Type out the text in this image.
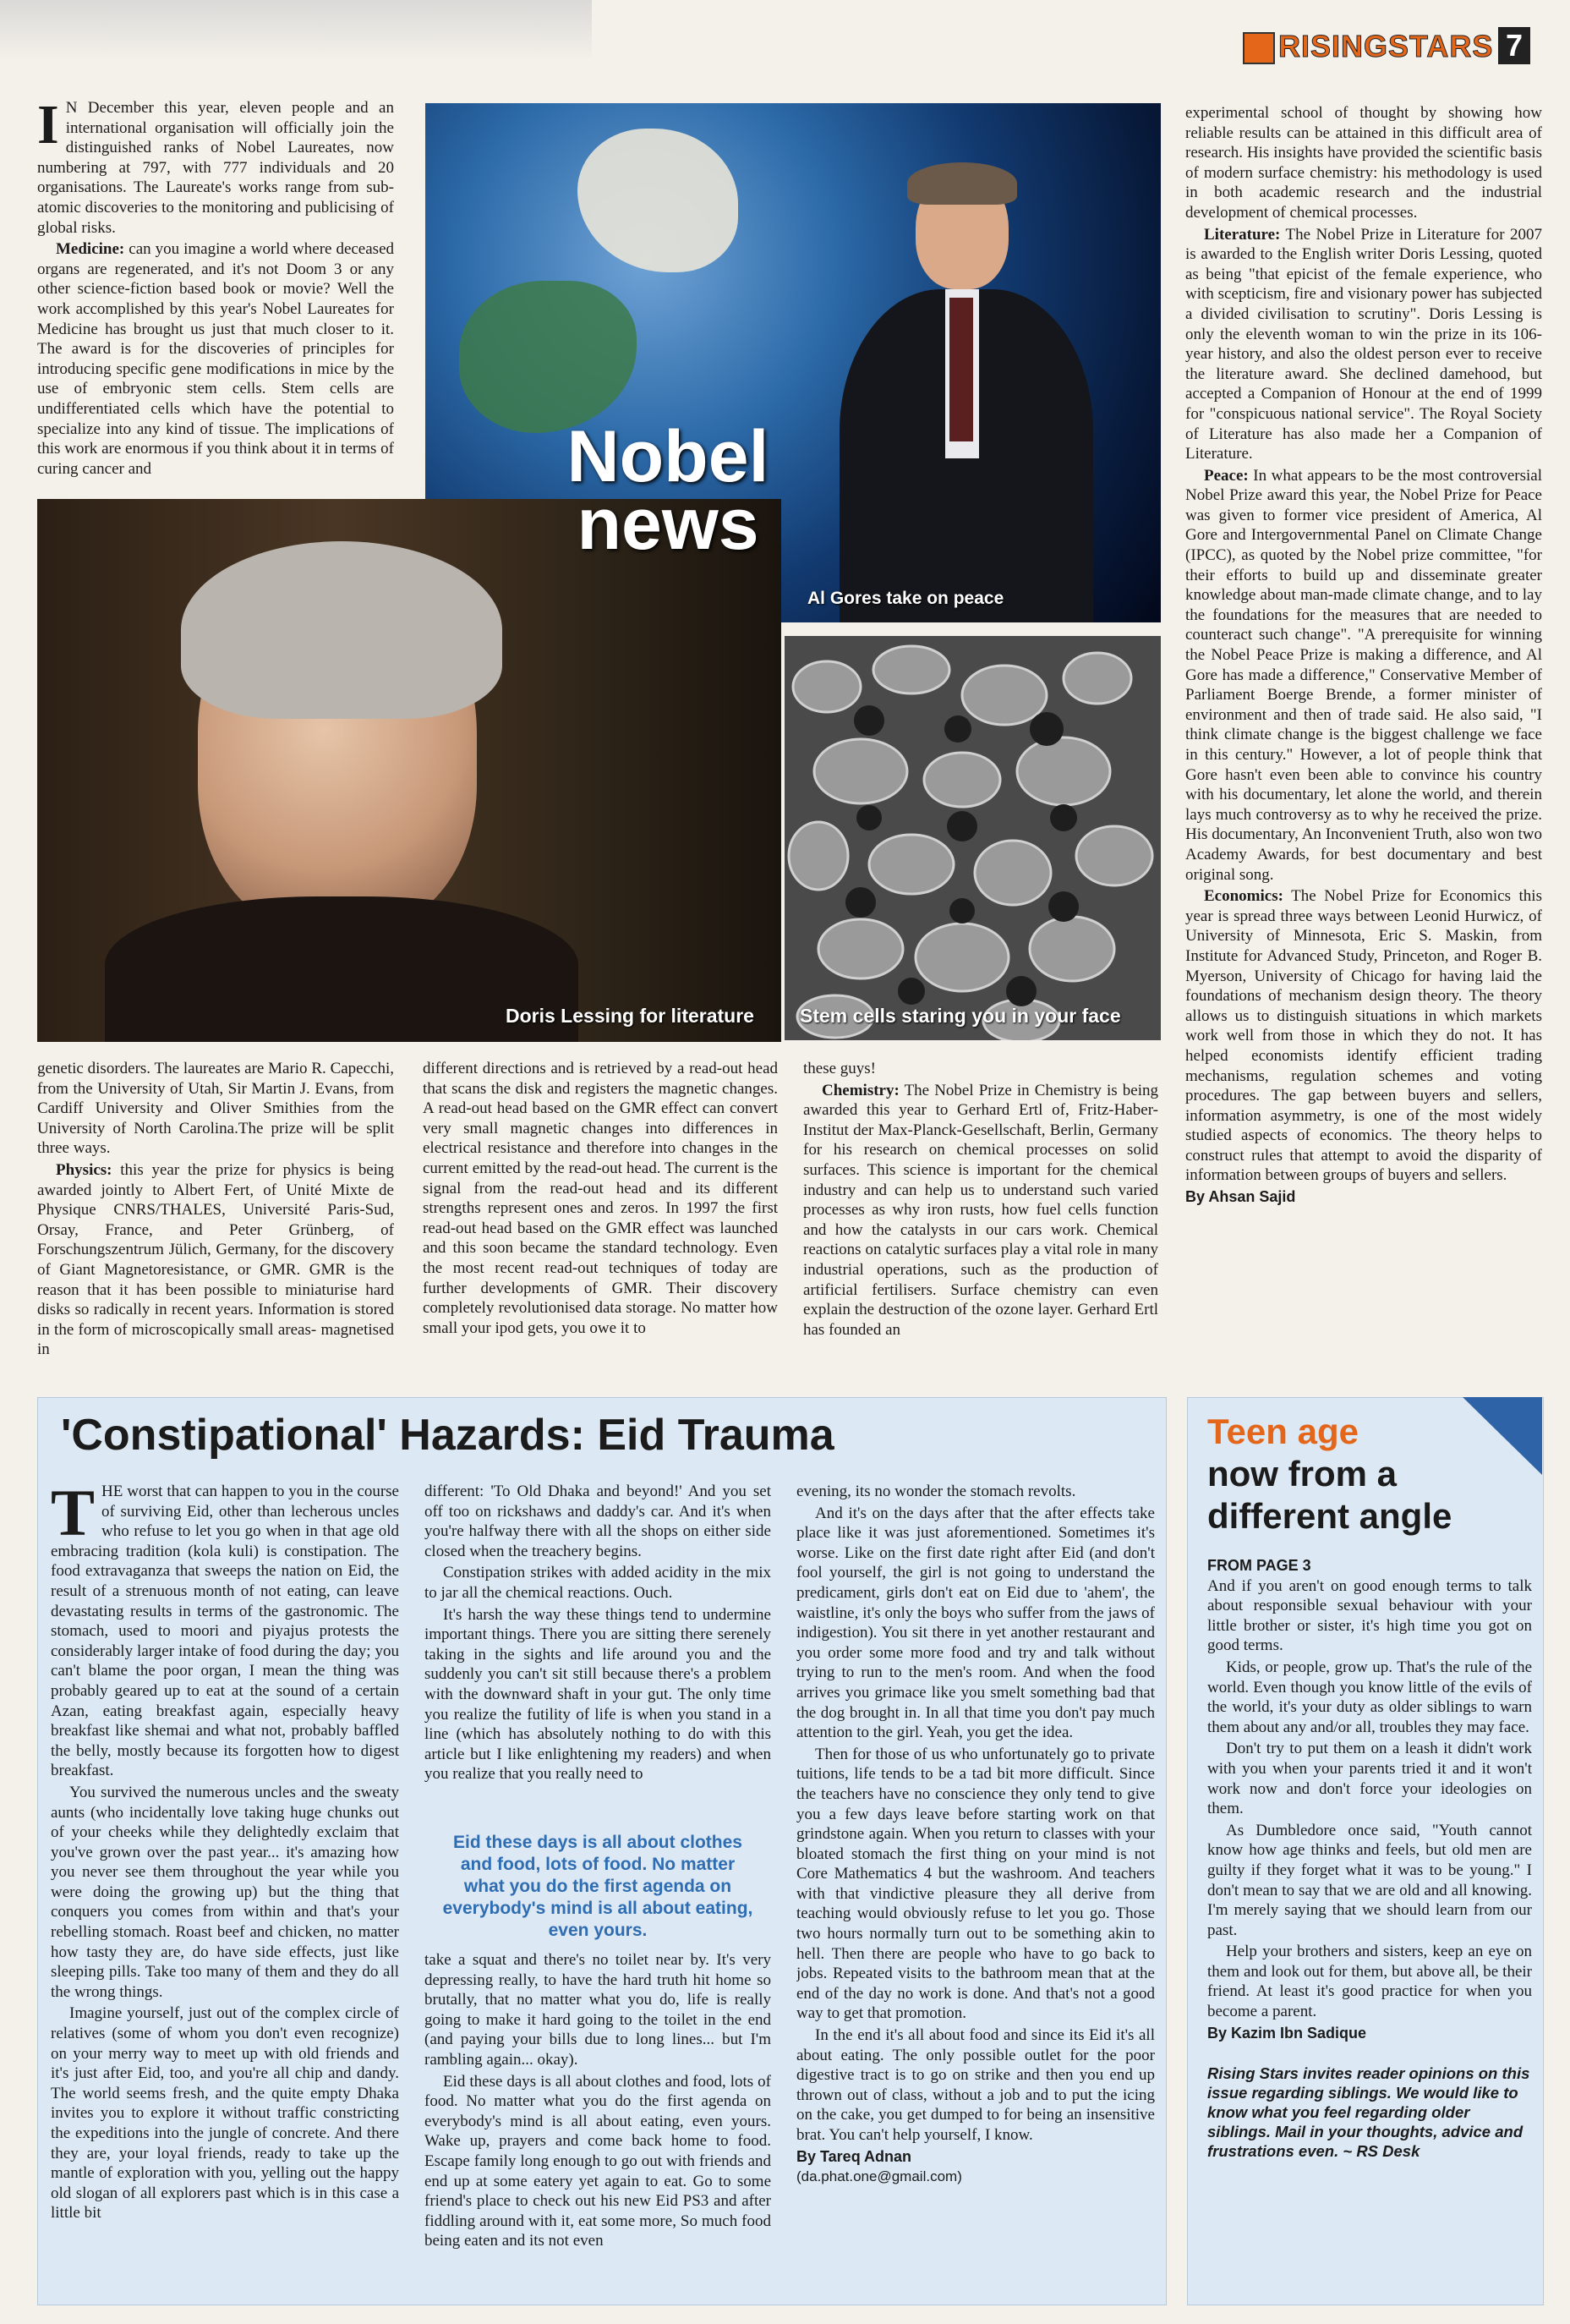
RISINGSTARS 7

I N December this year, eleven people and an international organisation will officially join the distinguished ranks of Nobel Laureates, now numbering at 797, with 777 individuals and 20 organisations. The Laureate's works range from sub-atomic discoveries to the monitoring and publicising of global risks.

Medicine: can you imagine a world where deceased organs are regenerated, and it's not Doom 3 or any other science-fiction based book or movie? Well the work accomplished by this year's Nobel Laureates for Medicine has brought us just that much closer to it. The award is for the discoveries of principles for introducing specific gene modifications in mice by the use of embryonic stem cells. Stem cells are undifferentiated cells which have the potential to specialize into any kind of tissue. The implications of this work are enormous if you think about it in terms of curing cancer and

Al Gores take on peace
Doris Lessing for literature
Nobel
news
Stem cells staring you in your face

genetic disorders. The laureates are Mario R. Capecchi, from the University of Utah, Sir Martin J. Evans, from Cardiff University and Oliver Smithies from the University of North Carolina.The prize will be split three ways.

Physics: this year the prize for physics is being awarded jointly to Albert Fert, of Unité Mixte de Physique CNRS/THALES, Université Paris-Sud, Orsay, France, and Peter Grünberg, of Forschungszentrum Jülich, Germany, for the discovery of Giant Magnetoresistance, or GMR. GMR is the reason that it has been possible to miniaturise hard disks so radically in recent years. Information is stored in the form of microscopically small areas- magnetised in

different directions and is retrieved by a read-out head that scans the disk and registers the magnetic changes. A read-out head based on the GMR effect can convert very small magnetic changes into differences in electrical resistance and therefore into changes in the current emitted by the read-out head. The current is the signal from the read-out head and its different strengths represent ones and zeros. In 1997 the first read-out head based on the GMR effect was launched and this soon became the standard technology. Even the most recent read-out techniques of today are further developments of GMR. Their discovery completely revolutionised data storage. No matter how small your ipod gets, you owe it to

these guys!

Chemistry: The Nobel Prize in Chemistry is being awarded this year to Gerhard Ertl of, Fritz-Haber-Institut der Max-Planck-Gesellschaft, Berlin, Germany for his research on chemical processes on solid surfaces. This science is important for the chemical industry and can help us to understand such varied processes as why iron rusts, how fuel cells function and how the catalysts in our cars work. Chemical reactions on catalytic surfaces play a vital role in many industrial operations, such as the production of artificial fertilisers. Surface chemistry can even explain the destruction of the ozone layer. Gerhard Ertl has founded an

experimental school of thought by showing how reliable results can be attained in this difficult area of research. His insights have provided the scientific basis of modern surface chemistry: his methodology is used in both academic research and the industrial development of chemical processes.

Literature: The Nobel Prize in Literature for 2007 is awarded to the English writer Doris Lessing, quoted as being "that epicist of the female experience, who with scepticism, fire and visionary power has subjected a divided civilisation to scrutiny". Doris Lessing is only the eleventh woman to win the prize in its 106-year history, and also the oldest person ever to receive the literature award. She declined damehood, but accepted a Companion of Honour at the end of 1999 for "conspicuous national service". The Royal Society of Literature has also made her a Companion of Literature.

Peace: In what appears to be the most controversial Nobel Prize award this year, the Nobel Prize for Peace was given to former vice president of America, Al Gore and Intergovernmental Panel on Climate Change (IPCC), as quoted by the Nobel prize committee, "for their efforts to build up and disseminate greater knowledge about man-made climate change, and to lay the foundations for the measures that are needed to counteract such change". "A prerequisite for winning the Nobel Peace Prize is making a difference, and Al Gore has made a difference," Conservative Member of Parliament Boerge Brende, a former minister of environment and then of trade said. He also said, "I think climate change is the biggest challenge we face in this century." However, a lot of people think that Gore hasn't even been able to convince his country with his documentary, let alone the world, and therein lays much controversy as to why he received the prize. His documentary, An Inconvenient Truth, also won two Academy Awards, for best documentary and best original song.

Economics: The Nobel Prize for Economics this year is spread three ways between Leonid Hurwicz, of University of Minnesota, Eric S. Maskin, from Institute for Advanced Study, Princeton, and Roger B. Myerson, University of Chicago for having laid the foundations of mechanism design theory. The theory allows us to distinguish situations in which markets work well from those in which they do not. It has helped economists identify efficient trading mechanisms, regulation schemes and voting procedures. The gap between buyers and sellers, information asymmetry, is one of the most widely studied aspects of economics. The theory helps to construct rules that attempt to avoid the disparity of information between groups of buyers and sellers.

By Ahsan Sajid
'Constipational' Hazards: Eid Trauma

THE worst that can happen to you in the course of surviving Eid, other than lecherous uncles who refuse to let you go when in that age old embracing tradition (kola kuli) is constipation. The food extravaganza that sweeps the nation on Eid, the result of a strenuous month of not eating, can leave devastating results in terms of the gastronomic. The stomach, used to moori and piyajus protests the considerably larger intake of food during the day; you can't blame the poor organ, I mean the thing was probably geared up to eat at the sound of a certain Azan, eating breakfast again, especially heavy breakfast like shemai and what not, probably baffled the belly, mostly because its forgotten how to digest breakfast.

You survived the numerous uncles and the sweaty aunts (who incidentally love taking huge chunks out of your cheeks while they delightedly exclaim that you've grown over the past year... it's amazing how you never see them throughout the year while you were doing the growing up) but the thing that conquers you comes from within and that's your rebelling stomach. Roast beef and chicken, no matter how tasty they are, do have side effects, just like sleeping pills. Take too many of them and they do all the wrong things.

Imagine yourself, just out of the complex circle of relatives (some of whom you don't even recognize) on your merry way to meet up with old friends and it's just after Eid, too, and you're all chip and dandy. The world seems fresh, and the quite empty Dhaka invites you to explore it without traffic constricting the expeditions into the jungle of concrete. And there they are, your loyal friends, ready to take up the mantle of exploration with you, yelling out the happy old slogan of all explorers past which is in this case a little bit

different: 'To Old Dhaka and beyond!' And you set off too on rickshaws and daddy's car. And it's when you're halfway there with all the shops on either side closed when the treachery begins.

Constipation strikes with added acidity in the mix to jar all the chemical reactions. Ouch.

It's harsh the way these things tend to undermine important things. There you are sitting there serenely taking in the sights and life around you and the suddenly you can't sit still because there's a problem with the downward shaft in your gut. The only time you realize the futility of life is when you stand in a line (which has absolutely nothing to do with this article but I like enlightening my readers) and when you realize that you really need to

Eid these days is all about clothes and food, lots of food. No matter what you do the first agenda on everybody's mind is all about eating, even yours.

take a squat and there's no toilet near by. It's very depressing really, to have the hard truth hit home so brutally, that no matter what you do, life is really going to make it hard going to the toilet in the end (and paying your bills due to long lines... but I'm rambling again... okay).

Eid these days is all about clothes and food, lots of food. No matter what you do the first agenda on everybody's mind is all about eating, even yours. Wake up, prayers and come back home to food. Escape family long enough to go out with friends and end up at some eatery yet again to eat. Go to some friend's place to check out his new Eid PS3 and after fiddling around with it, eat some more, So much food being eaten and its not even

evening, its no wonder the stomach revolts.

And it's on the days after that the after effects take place like it was just aforementioned. Sometimes it's worse. Like on the first date right after Eid (and don't fool yourself, the girl is not going to understand the predicament, girls don't eat on Eid due to 'ahem', the waistline, it's only the boys who suffer from the jaws of indigestion). You sit there in yet another restaurant and you order some more food and try and talk without trying to run to the men's room. And when the food arrives you grimace like you smelt something bad that the dog brought in. In all that time you don't pay much attention to the girl. Yeah, you get the idea.

Then for those of us who unfortunately go to private tuitions, life tends to be a tad bit more difficult. Since the teachers have no conscience they only tend to give you a few days leave before starting work on that grindstone again. When you return to classes with your bloated stomach the first thing on your mind is not Core Mathematics 4 but the washroom. And teachers with that vindictive pleasure they all derive from teaching would obviously refuse to let you go. Those two hours normally turn out to be something akin to hell. Then there are people who have to go back to jobs. Repeated visits to the bathroom mean that at the end of the day no work is done. And that's not a good way to get that promotion.

In the end it's all about food and since its Eid it's all about eating. The only possible outlet for the poor digestive tract is to go on strike and then you end up thrown out of class, without a job and to put the icing on the cake, you get dumped to for being an insensitive brat. You can't help yourself, I know.

By Tareq Adnan
(da.phat.one@gmail.com)
Teen age
now from a
different angle
FROM PAGE 3

And if you aren't on good enough terms to talk about responsible sexual behaviour with your little brother or sister, it's high time you got on good terms.

Kids, or people, grow up. That's the rule of the world. Even though you know little of the evils of the world, it's your duty as older siblings to warn them about any and/or all, troubles they may face.

Don't try to put them on a leash it didn't work with you when your parents tried it and it won't work now and don't force your ideologies on them.

As Dumbledore once said, "Youth cannot know how age thinks and feels, but old men are guilty if they forget what it was to be young." I don't mean to say that we are old and all knowing. I'm merely saying that we should learn from our past.

Help your brothers and sisters, keep an eye on them and look out for them, but above all, be their friend. At least it's good practice for when you become a parent.

By Kazim Ibn Sadique
Rising Stars invites reader opinions on this issue regarding siblings. We would like to know what you feel regarding older siblings. Mail in your thoughts, advice and frustrations even. ~ RS Desk
